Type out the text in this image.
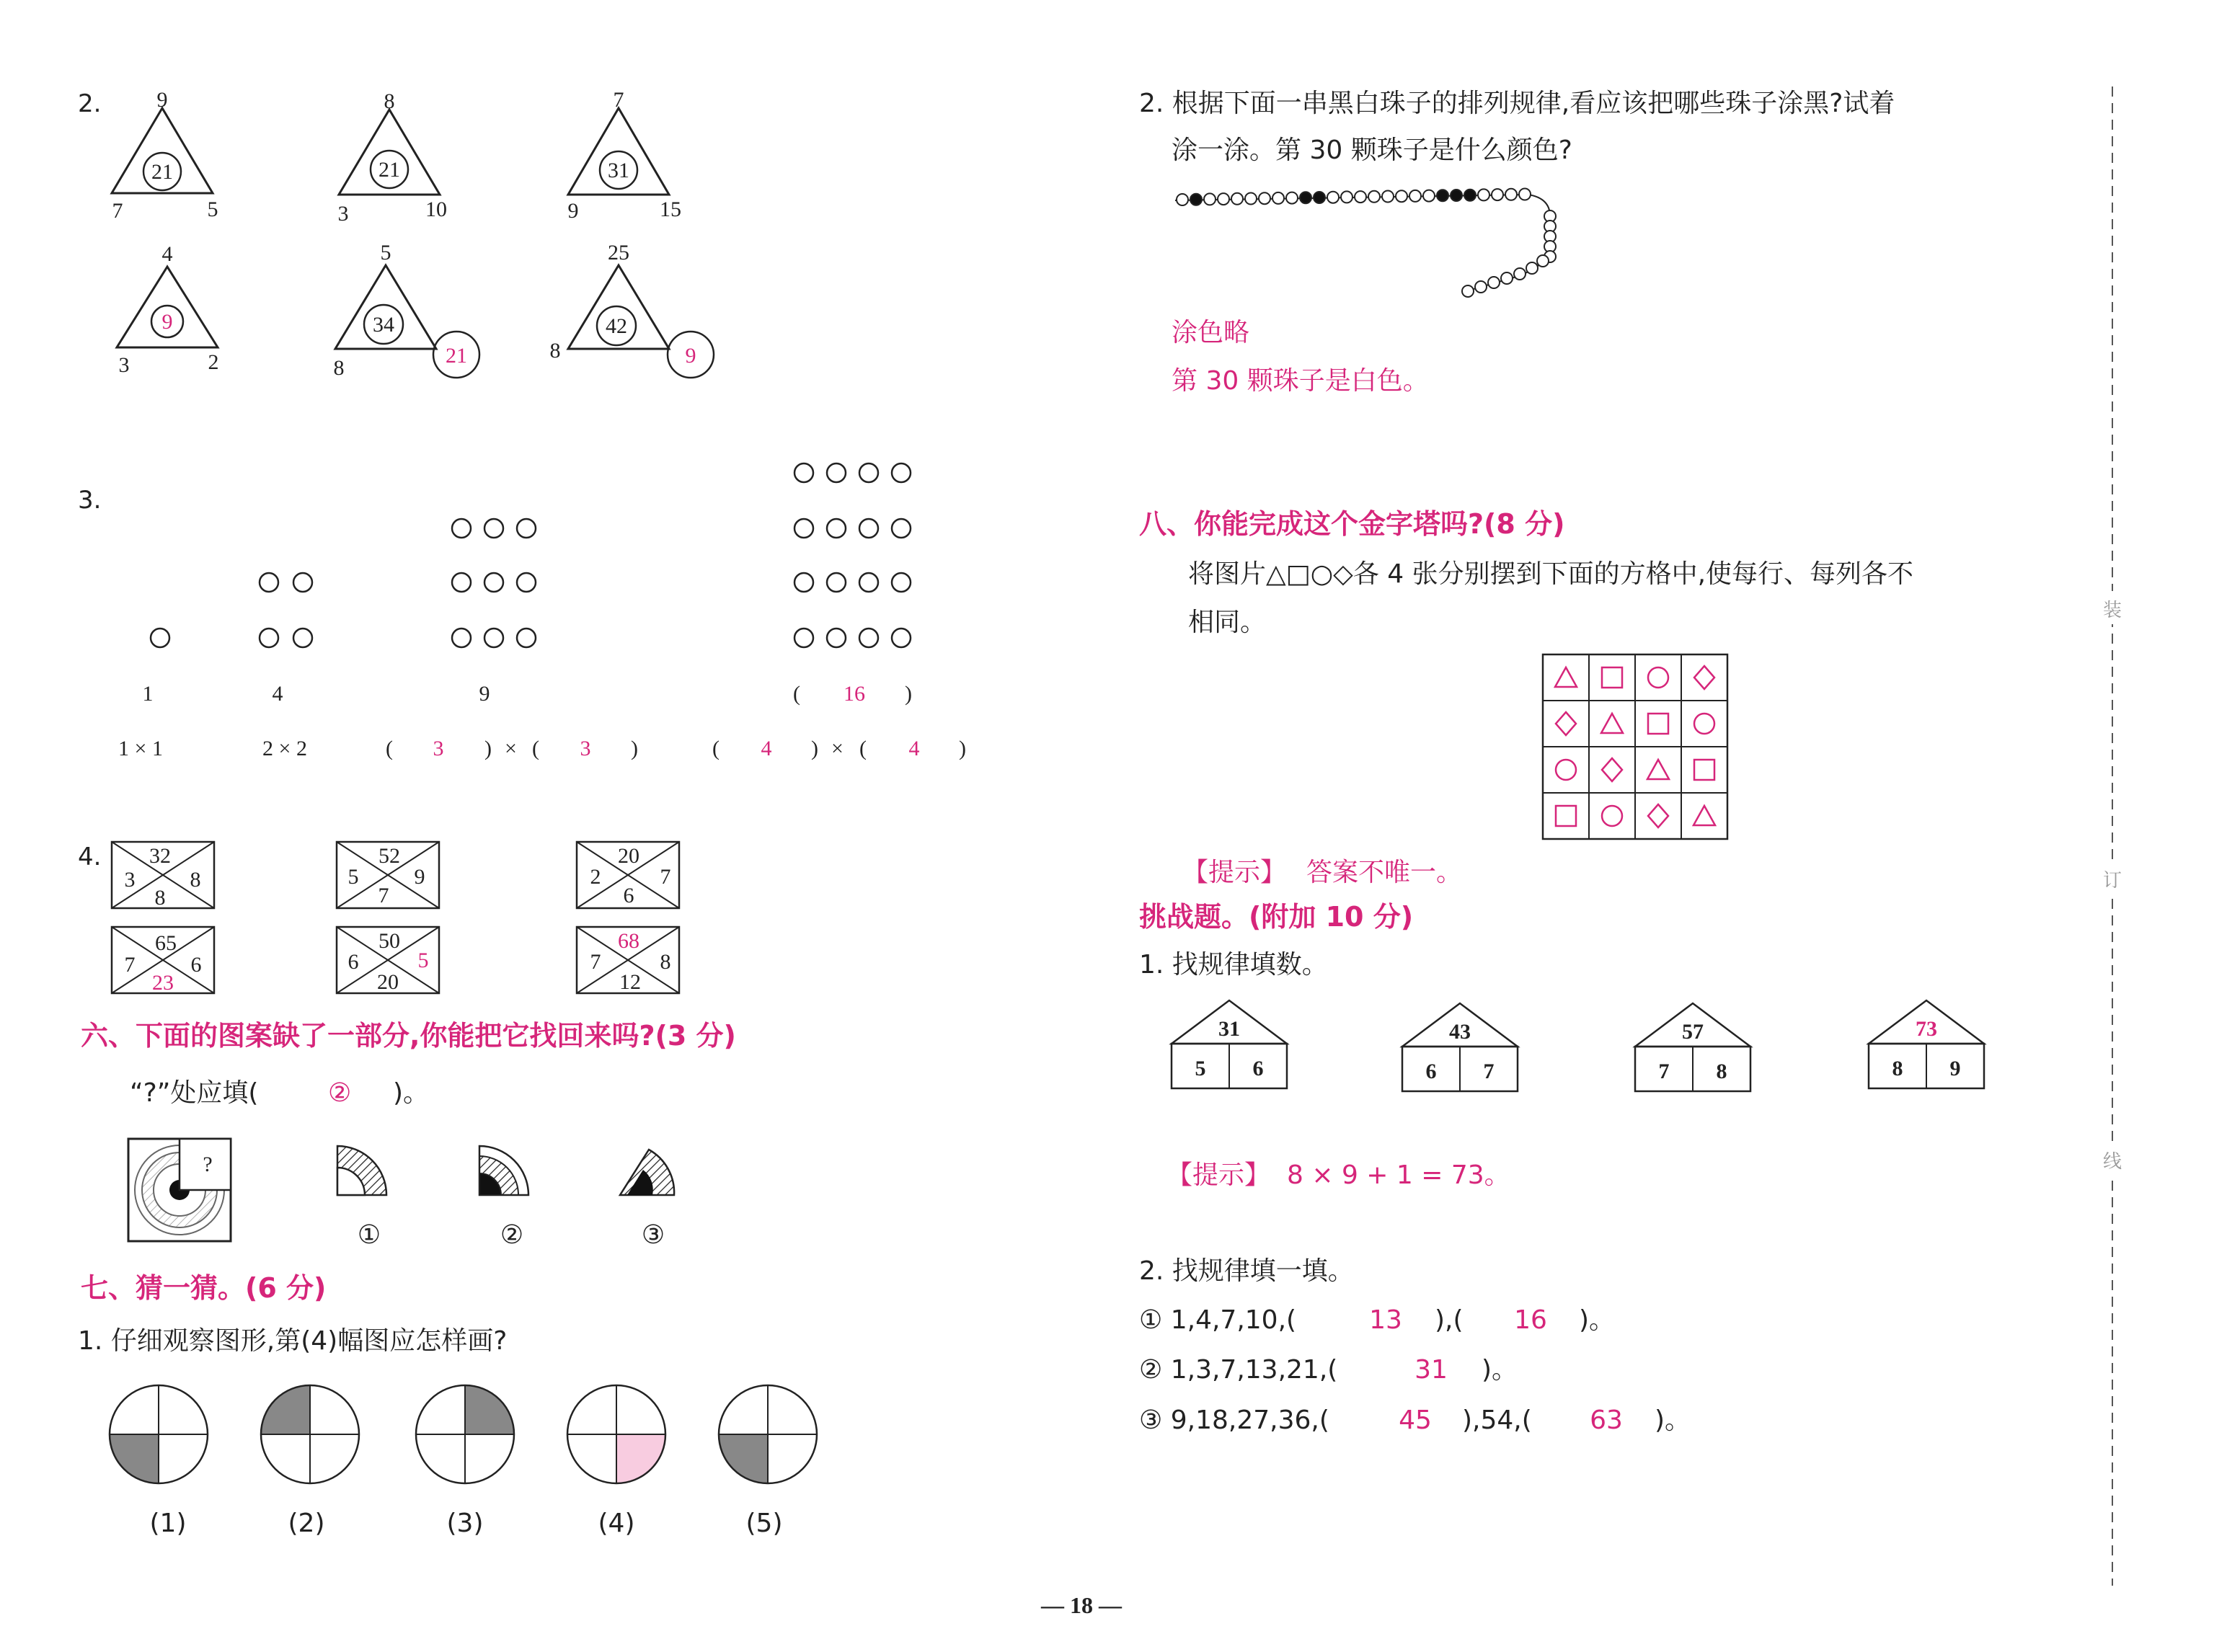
2.	9
21
7	5
8
21
3	10
7
31
9	15
4
9
3	2
5
34
8
21
25
42
8	9
3.
1	4	9	( 16 )
1 × 1	2 × 2	( 3 ) × ( 3 )	( 4 ) × ( 4 )
4. 32
3	8
8
52
5	9
7
20
2	7
6
65
7	6
23
50
6	5
20
68
7	8
12
六、下面的图案缺了一部分,你能把它找回来吗?(3 分)
“?”处应填(	② )。
?
①	②	③
七、猜一猜。(6 分)
1. 仔细观察图形,第(4)幅图应怎样画?
(1)	(2)	(3)	(4)	(5)
2. 根据下面一串黑白珠子的排列规律,看应该把哪些珠子涂黑?试着
涂一涂。第 30 颗珠子是什么颜色?
涂色略
第 30 颗珠子是白色。
八、你能完成这个金字塔吗?(8 分)
将图片△□○◇各 4 张分别摆到下面的方格中,使每行、每列各不
相同。
【提示】 答案不唯一。
挑战题。(附加 10 分)
1. 找规律填数。
31
5 6
43
6 7
57
7 8
73
8 9
【提示】 8 × 9 + 1 = 73。
2. 找规律填一填。
① 1,4,7,10,(	13 ),( 16 )。
② 1,3,7,13,21,(	31 )。
③ 9,18,27,36,(	45 ),54,( 63 )。
装
订
线
— 18 —
